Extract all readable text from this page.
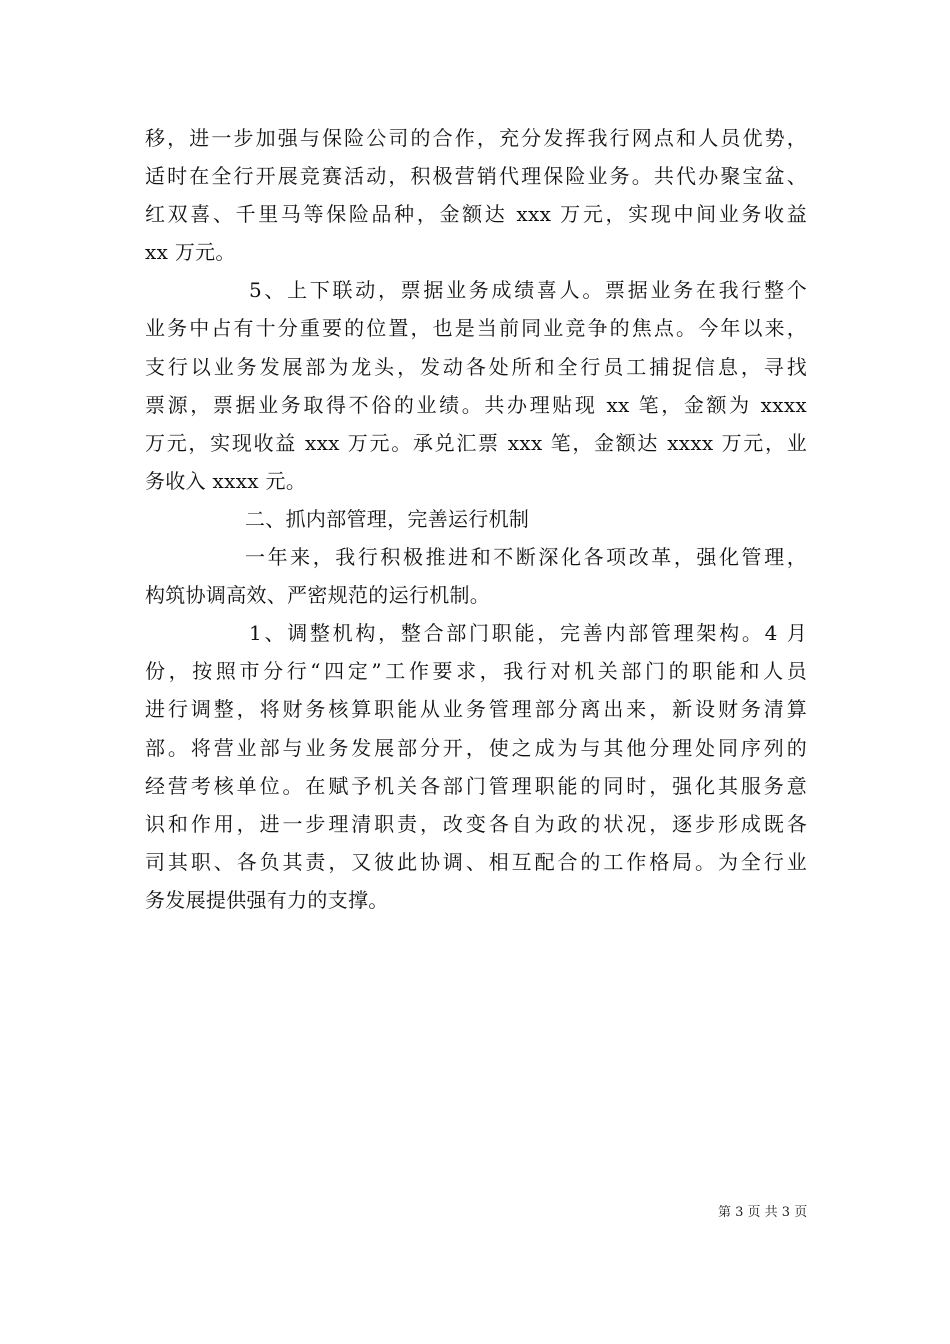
移，进一步加强与保险公司的合作，充分发挥我行网点和人员优势，
适时在全行开展竞赛活动，积极营销代理保险业务。共代办聚宝盆、
红双喜、千里马等保险品种，金额达 xxx 万元，实现中间业务收益
xx 万元。
5、上下联动，票据业务成绩喜人。票据业务在我行整个
业务中占有十分重要的位置，也是当前同业竞争的焦点。今年以来，
支行以业务发展部为龙头，发动各处所和全行员工捕捉信息，寻找
票源，票据业务取得不俗的业绩。共办理贴现 xx 笔，金额为 xxxx
万元，实现收益 xxx 万元。承兑汇票 xxx 笔，金额达 xxxx 万元，业
务收入 xxxx 元。
二、抓内部管理，完善运行机制
一年来，我行积极推进和不断深化各项改革，强化管理，
构筑协调高效、严密规范的运行机制。
1、调整机构，整合部门职能，完善内部管理架构。4 月
份，按照市分行“四定”工作要求，我行对机关部门的职能和人员
进行调整，将财务核算职能从业务管理部分离出来，新设财务清算
部。将营业部与业务发展部分开，使之成为与其他分理处同序列的
经营考核单位。在赋予机关各部门管理职能的同时，强化其服务意
识和作用，进一步理清职责，改变各自为政的状况，逐步形成既各
司其职、各负其责，又彼此协调、相互配合的工作格局。为全行业
务发展提供强有力的支撑。
第 3 页 共 3 页
